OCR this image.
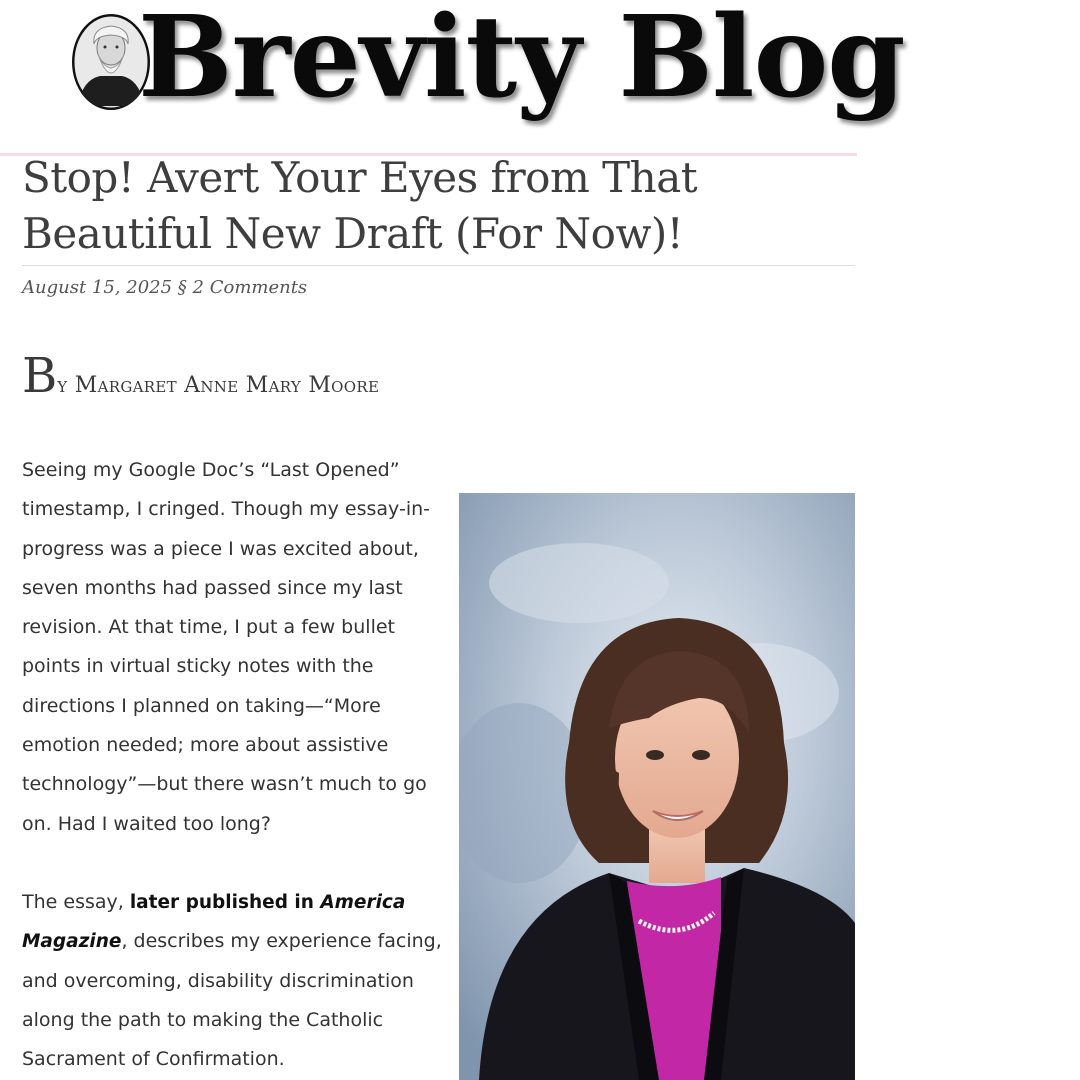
Brevity Blog
Stop! Avert Your Eyes from That Beautiful New Draft (For Now)!
August 15, 2025 § 2 Comments
By Margaret Anne Mary Moore

Seeing my Google Doc’s “Last Opened” timestamp, I cringed. Though my essay-in-progress was a piece I was excited about, seven months had passed since my last revision. At that time, I put a few bullet points in virtual sticky notes with the directions I planned on taking—“More emotion needed; more about assistive technology”—but there wasn’t much to go on. Had I waited too long?

The essay, later published in America Magazine, describes my experience facing, and overcoming, disability discrimination along the path to making the Catholic Sacrament of Confirmation.
